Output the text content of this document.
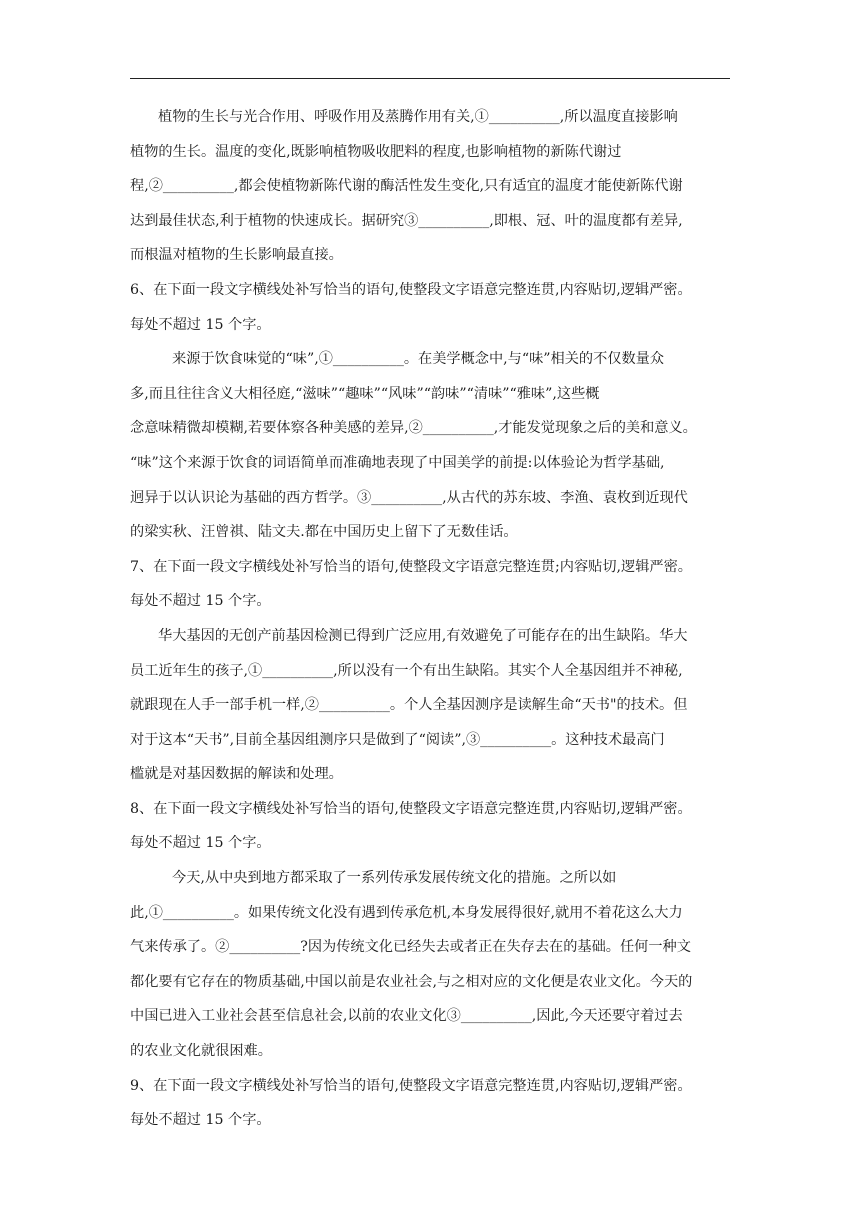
植物的生长与光合作用、呼吸作用及蒸腾作用有关,①__________,所以温度直接影响
植物的生长。温度的变化,既影响植物吸收肥料的程度,也影响植物的新陈代谢过
程,②__________,都会使植物新陈代谢的酶活性发生变化,只有适宜的温度才能使新陈代谢
达到最佳状态,利于植物的快速成长。据研究③__________,即根、冠、叶的温度都有差异,
而根温对植物的生长影响最直接。
6、在下面一段文字横线处补写恰当的语句,使整段文字语意完整连贯,内容贴切,逻辑严密。
每处不超过 15 个字。
来源于饮食味觉的“味”,①__________。在美学概念中,与“味”相关的不仅数量众
多,而且往往含义大相径庭,“滋味”“趣味”“风味”“韵味”“清味”“雅味”,这些概
念意味精微却模糊,若要体察各种美感的差异,②__________,才能发觉现象之后的美和意义。
“味”这个来源于饮食的词语简单而准确地表现了中国美学的前提:以体验论为哲学基础,
迥异于以认识论为基础的西方哲学。③__________,从古代的苏东坡、李渔、袁枚到近现代
的梁实秋、汪曾祺、陆文夫.都在中国历史上留下了无数佳话。
7、在下面一段文字横线处补写恰当的语句,使整段文字语意完整连贯;内容贴切,逻辑严密。
每处不超过 15 个字。
华大基因的无创产前基因检测已得到广泛应用,有效避免了可能存在的出生缺陷。华大
员工近年生的孩子,①__________,所以没有一个有出生缺陷。其实个人全基因组并不神秘,
就跟现在人手一部手机一样,②__________。个人全基因测序是读解生命“天书"的技术。但
对于这本“天书”,目前全基因组测序只是做到了“阅读”,③__________。这种技术最高门
槛就是对基因数据的解读和处理。
8、在下面一段文字横线处补写恰当的语句,使整段文字语意完整连贯,内容贴切,逻辑严密。
每处不超过 15 个字。
今天,从中央到地方都采取了一系列传承发展传统文化的措施。之所以如
此,①__________。如果传统文化没有遇到传承危机,本身发展得很好,就用不着花这么大力
气来传承了。②__________?因为传统文化已经失去或者正在失存去在的基础。任何一种文
都化要有它存在的物质基础,中国以前是农业社会,与之相对应的文化便是农业文化。今天的
中国已进入工业社会甚至信息社会,以前的农业文化③__________,因此,今天还要守着过去
的农业文化就很困难。
9、在下面一段文字横线处补写恰当的语句,使整段文字语意完整连贯,内容贴切,逻辑严密。
每处不超过 15 个字。
